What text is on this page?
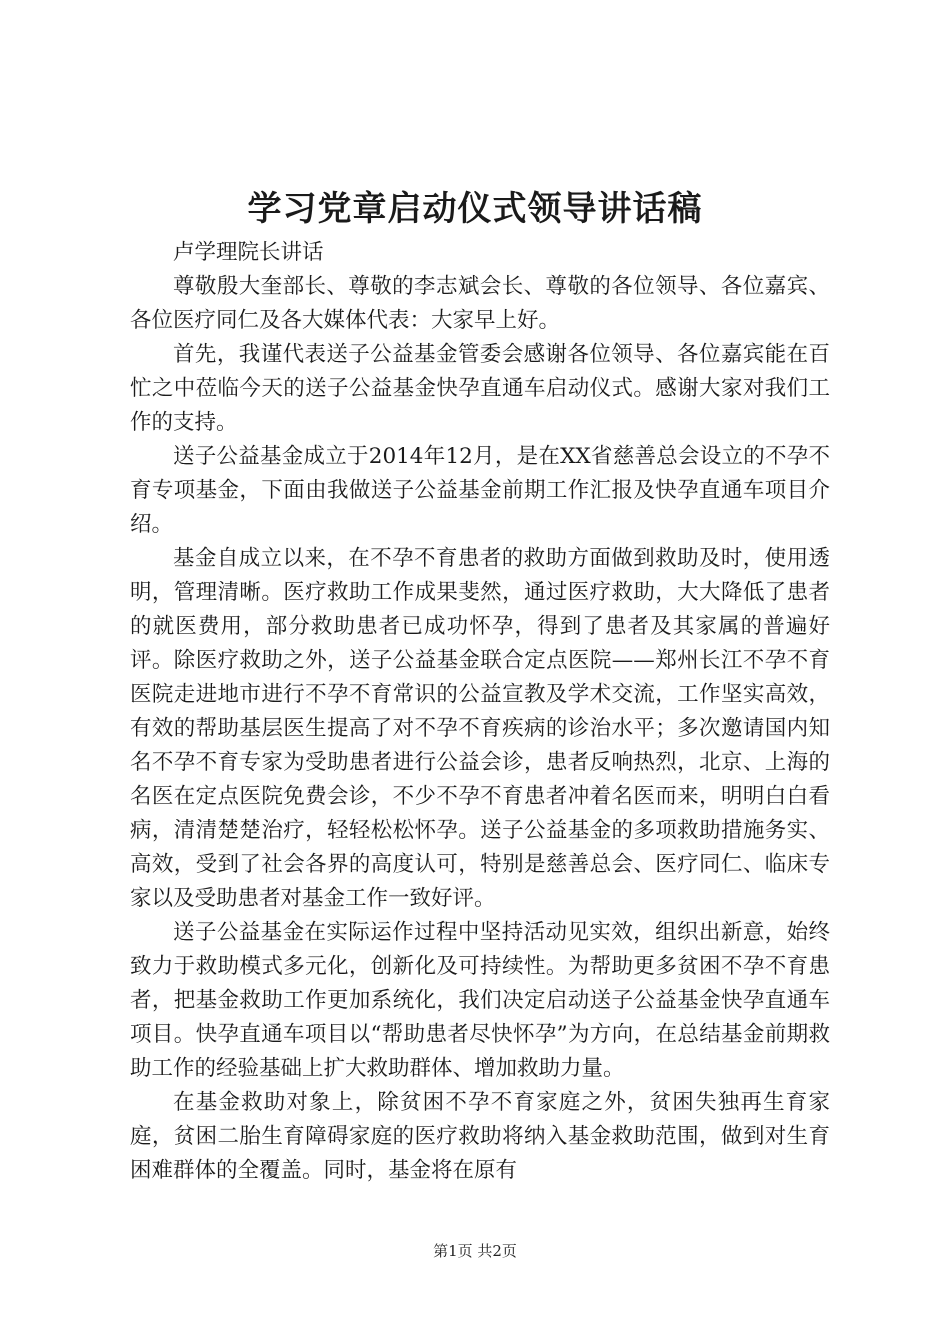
学习党章启动仪式领导讲话稿

卢学理院长讲话

尊敬殷大奎部长、尊敬的李志斌会长、尊敬的各位领导、各位嘉宾、各位医疗同仁及各大媒体代表：大家早上好。

首先，我谨代表送子公益基金管委会感谢各位领导、各位嘉宾能在百忙之中莅临今天的送子公益基金快孕直通车启动仪式。感谢大家对我们工作的支持。

送子公益基金成立于2014年12月，是在XX省慈善总会设立的不孕不育专项基金，下面由我做送子公益基金前期工作汇报及快孕直通车项目介绍。

基金自成立以来，在不孕不育患者的救助方面做到救助及时，使用透明，管理清晰。医疗救助工作成果斐然，通过医疗救助，大大降低了患者的就医费用，部分救助患者已成功怀孕，得到了患者及其家属的普遍好评。除医疗救助之外，送子公益基金联合定点医院——郑州长江不孕不育医院走进地市进行不孕不育常识的公益宣教及学术交流，工作坚实高效，有效的帮助基层医生提高了对不孕不育疾病的诊治水平；多次邀请国内知名不孕不育专家为受助患者进行公益会诊，患者反响热烈，北京、上海的名医在定点医院免费会诊，不少不孕不育患者冲着名医而来，明明白白看病，清清楚楚治疗，轻轻松松怀孕。送子公益基金的多项救助措施务实、高效，受到了社会各界的高度认可，特别是慈善总会、医疗同仁、临床专家以及受助患者对基金工作一致好评。

送子公益基金在实际运作过程中坚持活动见实效，组织出新意，始终致力于救助模式多元化，创新化及可持续性。为帮助更多贫困不孕不育患者，把基金救助工作更加系统化，我们决定启动送子公益基金快孕直通车项目。快孕直通车项目以“帮助患者尽快怀孕”为方向，在总结基金前期救助工作的经验基础上扩大救助群体、增加救助力量。

在基金救助对象上，除贫困不孕不育家庭之外，贫困失独再生育家庭，贫困二胎生育障碍家庭的医疗救助将纳入基金救助范围，做到对生育困难群体的全覆盖。同时，基金将在原有

第1页 共2页
